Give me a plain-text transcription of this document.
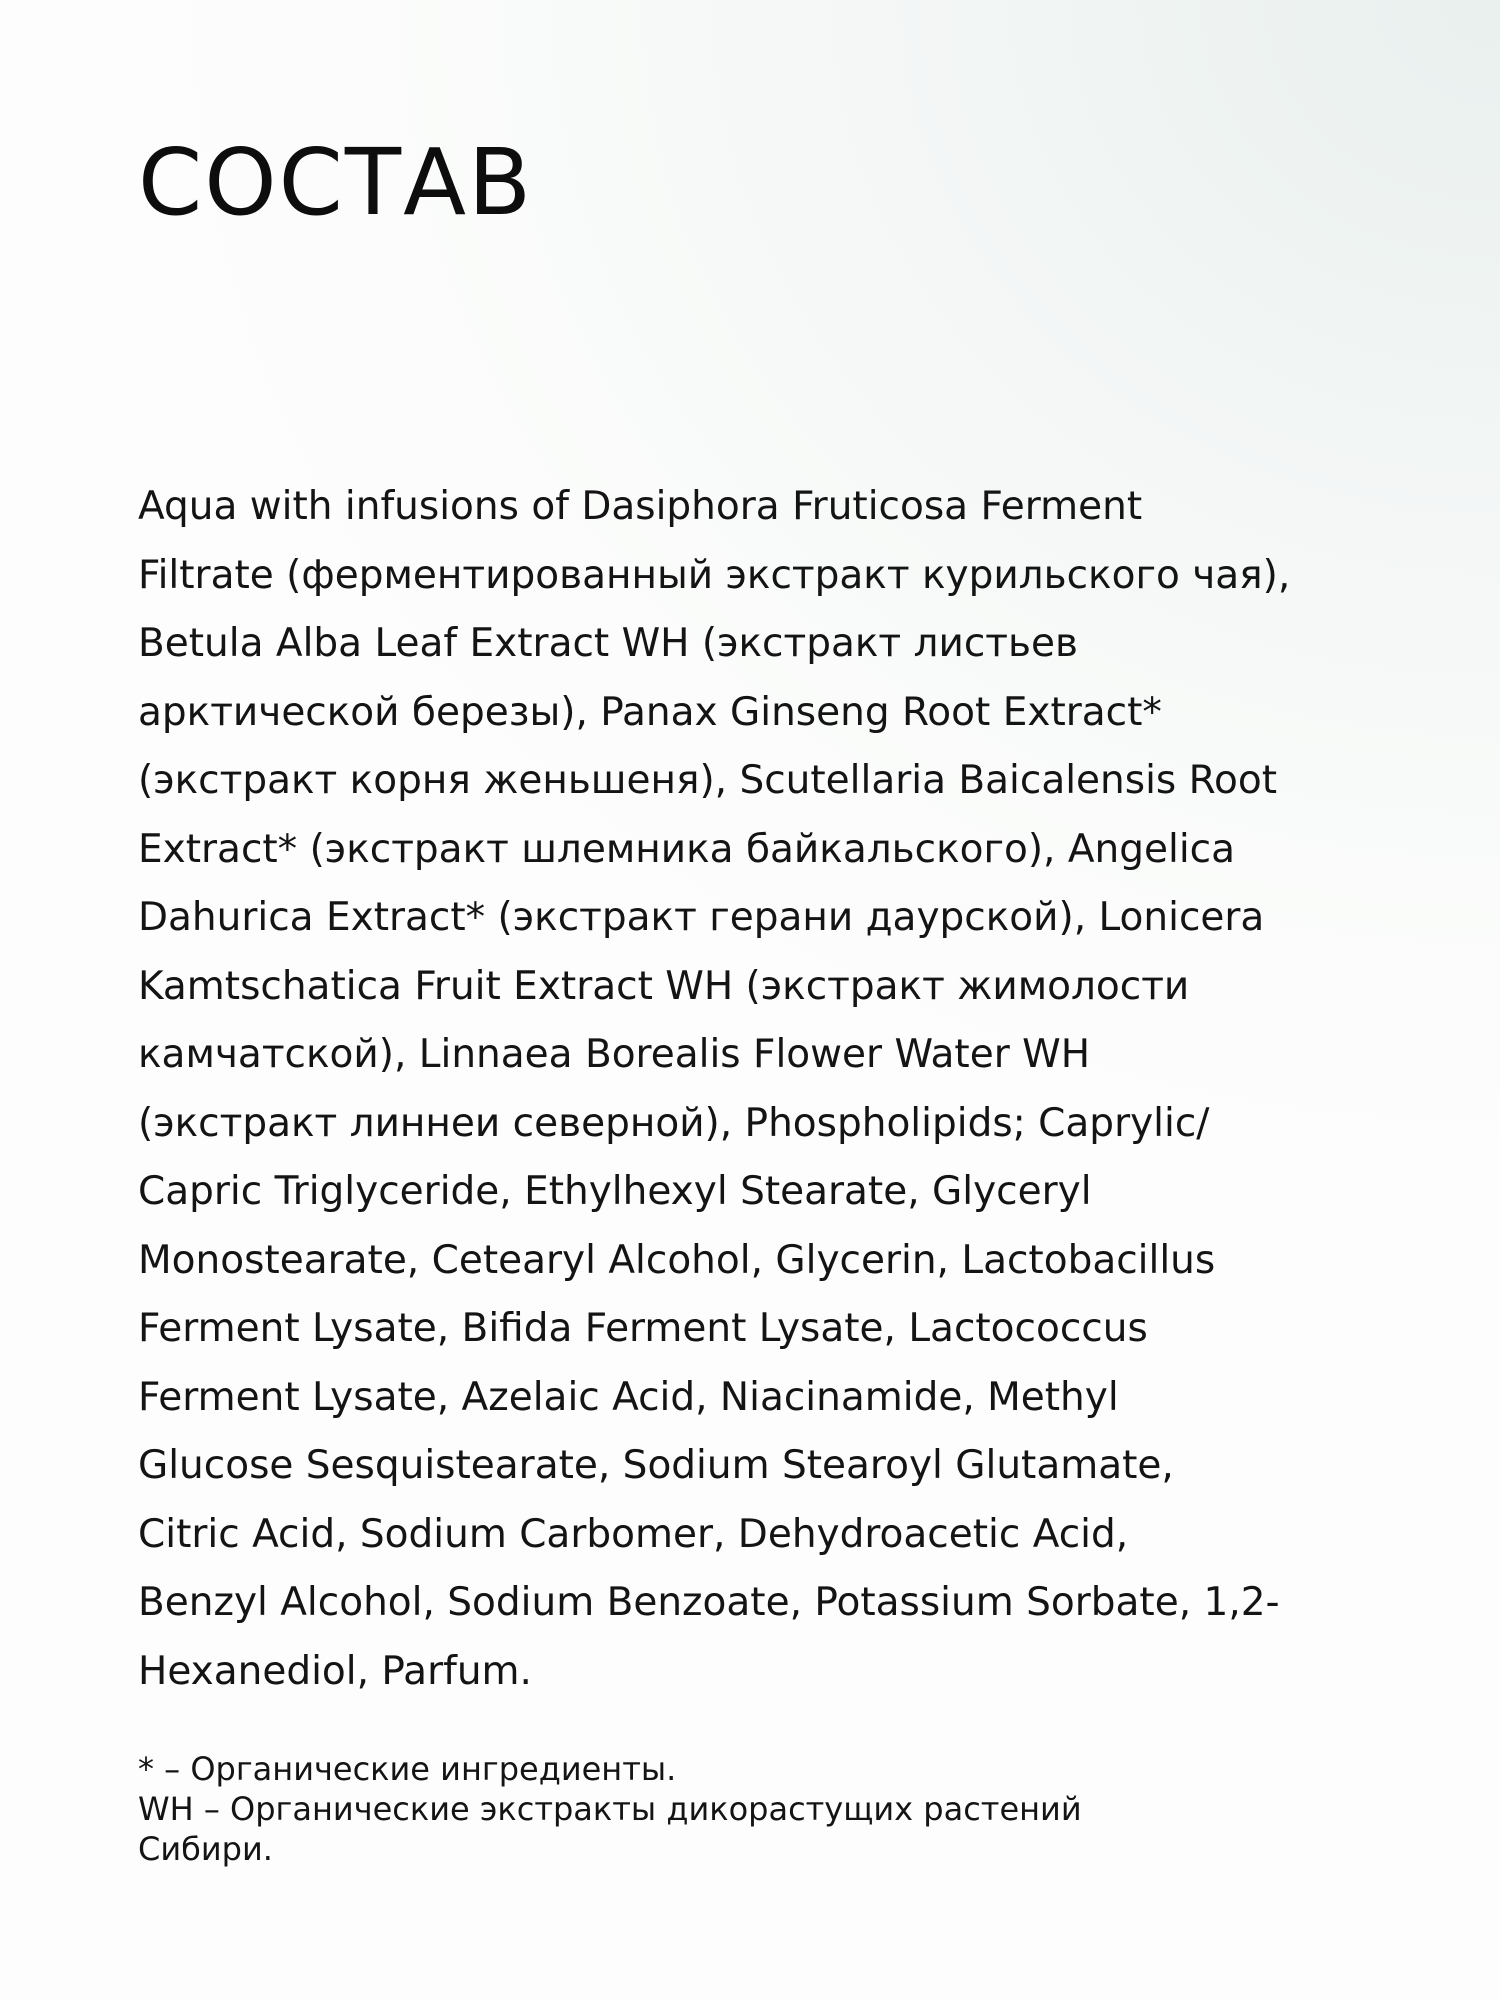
СОСТАВ
Aqua with infusions of Dasiphora Fruticosa Ferment
Filtrate (ферментированный экстракт курильского чая),
Betula Alba Leaf Extract WH (экстракт листьев
арктической березы), Panax Ginseng Root Extract*
(экстракт корня женьшеня), Scutellaria Baicalensis Root
Extract* (экстракт шлемника байкальского), Angelica
Dahurica Extract* (экстракт герани даурской), Lonicera
Kamtschatica Fruit Extract WH (экстракт жимолости
камчатской), Linnaea Borealis Flower Water WH
(экстракт линнеи северной), Phospholipids; Caprylic/
Capric Triglyceride, Ethylhexyl Stearate, Glyceryl
Monostearate, Cetearyl Alcohol, Glycerin, Lactobacillus
Ferment Lysate, Bifida Ferment Lysate, Lactococcus
Ferment Lysate, Azelaic Acid, Niacinamide, Methyl
Glucose Sesquistearate, Sodium Stearoyl Glutamate,
Citric Acid, Sodium Carbomer, Dehydroacetic Acid,
Benzyl Alcohol, Sodium Benzoate, Potassium Sorbate, 1,2-
Hexanediol, Parfum.
* – Органические ингредиенты.
WH – Органические экстракты дикорастущих растений
Сибири.
